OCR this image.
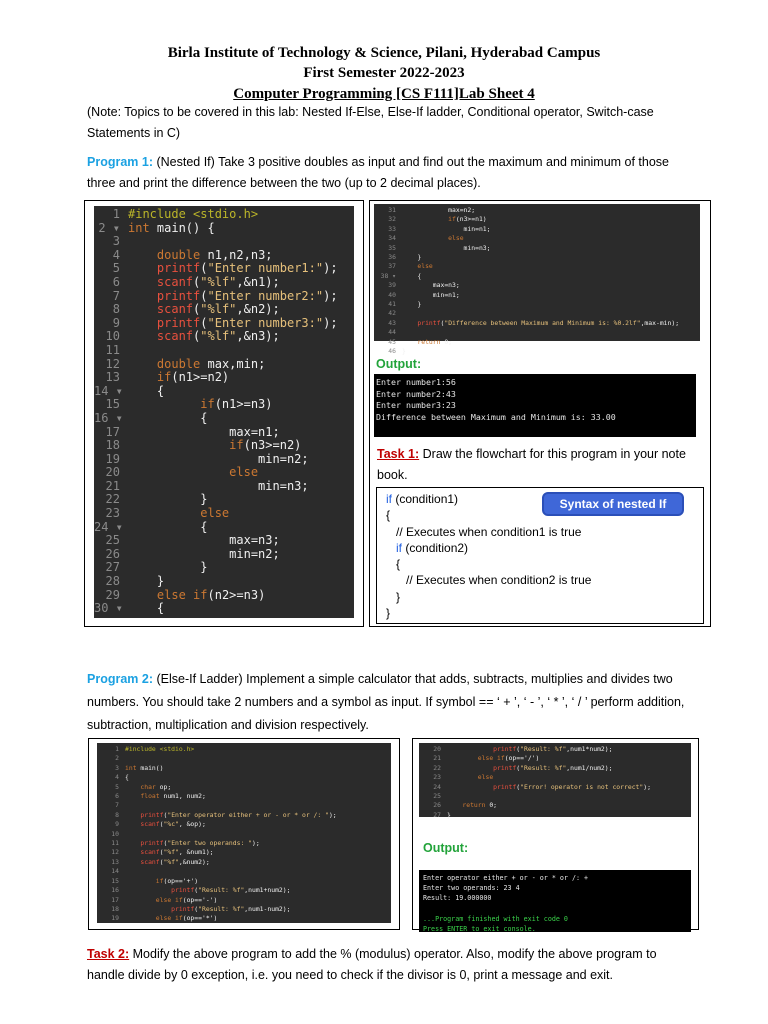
Birla Institute of Technology & Science, Pilani, Hyderabad Campus
First Semester 2022-2023
Computer Programming [CS F111]Lab Sheet 4
(Note: Topics to be covered in this lab: Nested If-Else, Else-If ladder, Conditional operator, Switch-case
Statements in C)
Program 1: (Nested If) Take 3 positive doubles as input and find out the maximum and minimum of those
three and print the difference between the two (up to 2 decimal places).
1 #include <stdio.h>
2 ▾ int main() {
3
4	double n1,n2,n3;
5	printf("Enter number1:");
6	scanf("%lf",&n1);
7	printf("Enter number2:");
8	scanf("%lf",&n2);
9	printf("Enter number3:");
10	scanf("%lf",&n3);
11
12	double max,min;
13	if(n1>=n2)
14 ▾    {
15	if(n1>=n3)
16 ▾          {
17              max=n1;
18	if(n3>=n2)
19                  min=n2;
20	else
21                  min=n3;
22          }
23	else
24 ▾          {
25              max=n3;
26              min=n2;
27          }
28    }
29	else if(n2>=n3)
30 ▾    {
31            max=n2;
32	if(n3>=n1)
33                min=n1;
34	else
35                min=n3;
36    }
37	else
38 ▾    {
39        max=n3;
40        min=n1;
41    }
42
43	printf("Difference between Maximum and Minimum is: %0.2lf",max-min);
44
45	return 0;
46 }
Output:
Enter number1:56
Enter number2:43
Enter number3:23
Difference between Maximum and Minimum is: 33.00
Task 1: Draw the flowchart for this program in your note
book.
if (condition1)
{
// Executes when condition1 is true
if (condition2)
{
// Executes when condition2 is true
}
}
Syntax of nested If
Program 2: (Else-If Ladder) Implement a simple calculator that adds, subtracts, multiplies and divides two
numbers. You should take 2 numbers and a symbol as input. If symbol == ‘ + ’, ‘ - ’, ‘ * ’, ‘ / ’ perform addition,
subtraction, multiplication and division respectively.
1 #include <stdio.h>
2
3 int main()
4 {
5	char op;
6	float num1, num2;
7
8	printf("Enter operator either + or - or * or /: ");
9	scanf("%c", &op);
10
11	printf("Enter two operands: ");
12	scanf("%f", &num1);
13	scanf("%f",&num2);
14
15	if(op=='+')
16	printf("Result: %f",num1+num2);
17	else if(op=='-')
18	printf("Result: %f",num1-num2);
19	else if(op=='*')
20	printf("Result: %f",num1*num2);
21	else if(op=='/')
22	printf("Result: %f",num1/num2);
23	else
24	printf("Error! operator is not correct");
25
26	return 0;
27 }
Output:
Enter operator either + or - or * or /: +
Enter two operands: 23 4
Result: 19.000000

...Program finished with exit code 0
Press ENTER to exit console.
Task 2: Modify the above program to add the % (modulus) operator. Also, modify the above program to
handle divide by 0 exception, i.e. you need to check if the divisor is 0, print a message and exit.
